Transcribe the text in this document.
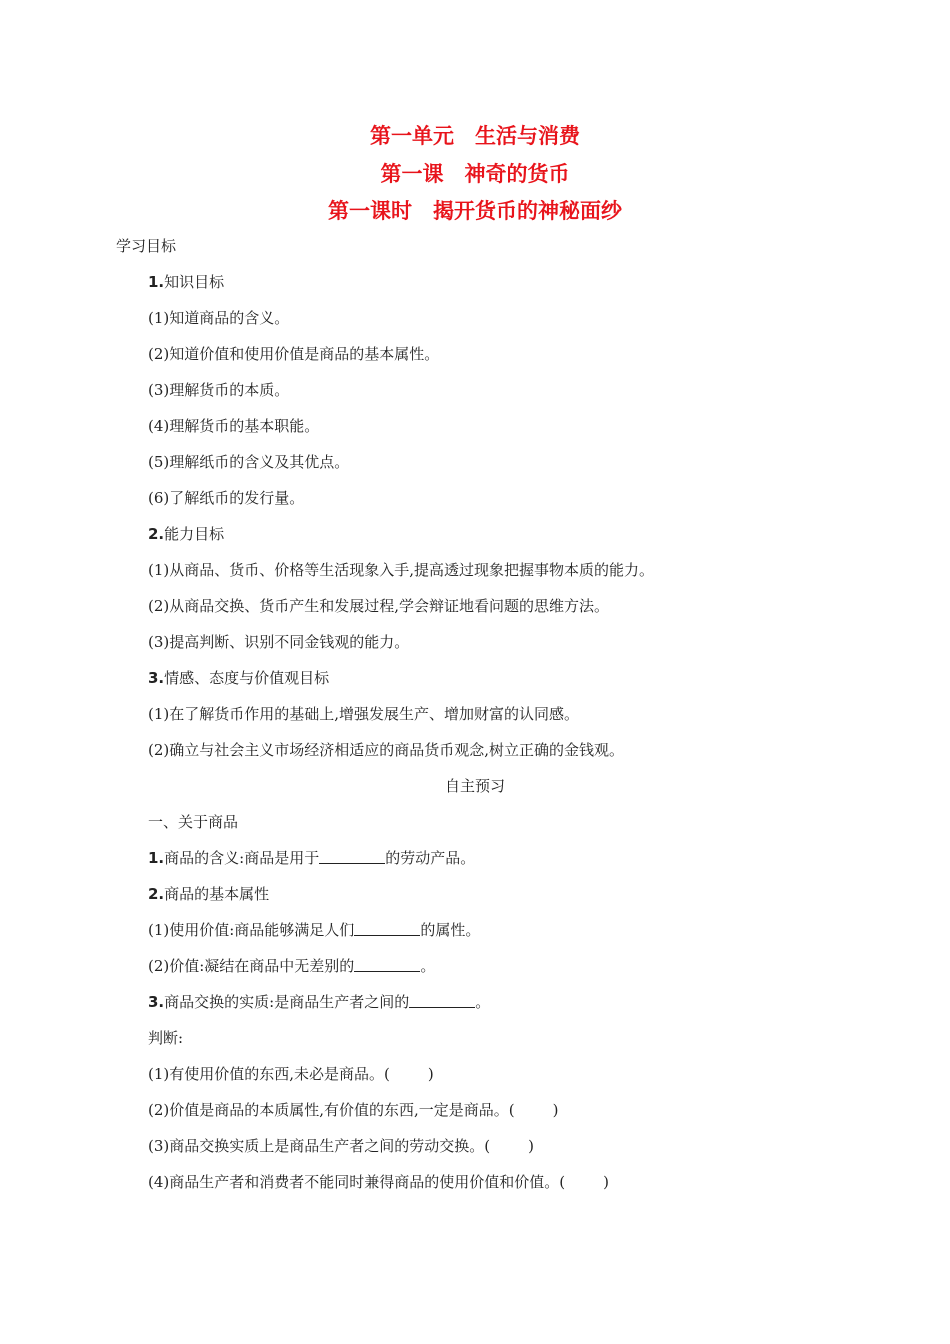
第一单元　生活与消费
第一课　神奇的货币
第一课时　揭开货币的神秘面纱
学习目标
1.知识目标
(1)知道商品的含义。
(2)知道价值和使用价值是商品的基本属性。
(3)理解货币的本质。
(4)理解货币的基本职能。
(5)理解纸币的含义及其优点。
(6)了解纸币的发行量。
2.能力目标
(1)从商品、货币、价格等生活现象入手,提高透过现象把握事物本质的能力。
(2)从商品交换、货币产生和发展过程,学会辩证地看问题的思维方法。
(3)提高判断、识别不同金钱观的能力。
3.情感、态度与价值观目标
(1)在了解货币作用的基础上,增强发展生产、增加财富的认同感。
(2)确立与社会主义市场经济相适应的商品货币观念,树立正确的金钱观。
自主预习
一、关于商品
1.商品的含义:商品是用于	的劳动产品。
2.商品的基本属性
(1)使用价值:商品能够满足人们	的属性。
(2)价值:凝结在商品中无差别的	。
3.商品交换的实质:是商品生产者之间的	。
判断:
(1)有使用价值的东西,未必是商品。(	)
(2)价值是商品的本质属性,有价值的东西,一定是商品。(	)
(3)商品交换实质上是商品生产者之间的劳动交换。(	)
(4)商品生产者和消费者不能同时兼得商品的使用价值和价值。(	)
